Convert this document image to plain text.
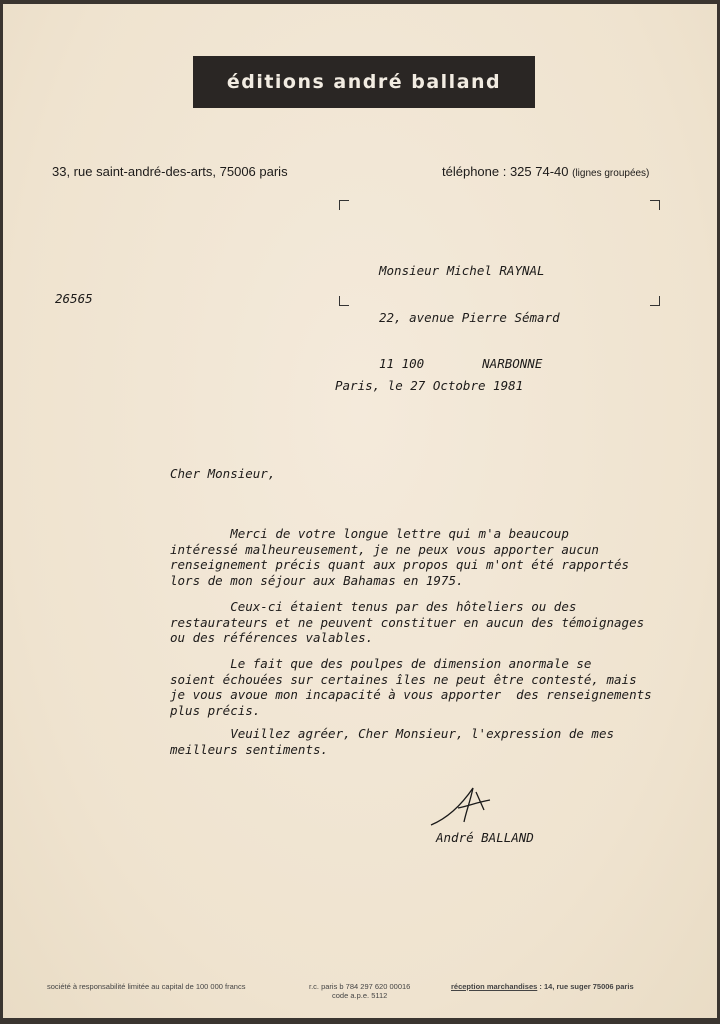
éditions andré balland
33, rue saint-andré-des-arts, 75006 paris	téléphone : 325 74-40 (lignes groupées)

Monsieur Michel RAYNAL

22, avenue Pierre Sémard

11 100	NARBONNE

26565
Paris, le 27 Octobre 1981
Cher Monsieur,
Merci de votre longue lettre qui m'a beaucoup
intéressé malheureusement, je ne peux vous apporter aucun
renseignement précis quant aux propos qui m'ont été rapportés
lors de mon séjour aux Bahamas en 1975.
Ceux-ci étaient tenus par des hôteliers ou des
restaurateurs et ne peuvent constituer en aucun des témoignages
ou des références valables.
Le fait que des poulpes de dimension anormale se
soient échouées sur certaines îles ne peut être contesté, mais
je vous avoue mon incapacité à vous apporter  des renseignements
plus précis.
Veuillez agréer, Cher Monsieur, l'expression de mes
meilleurs sentiments.
André BALLAND
société à responsabilité limitée au capital de 100 000 francs	r.c. paris b 784 297 620 00016
code a.p.e. 5112
réception marchandises : 14, rue suger 75006 paris
